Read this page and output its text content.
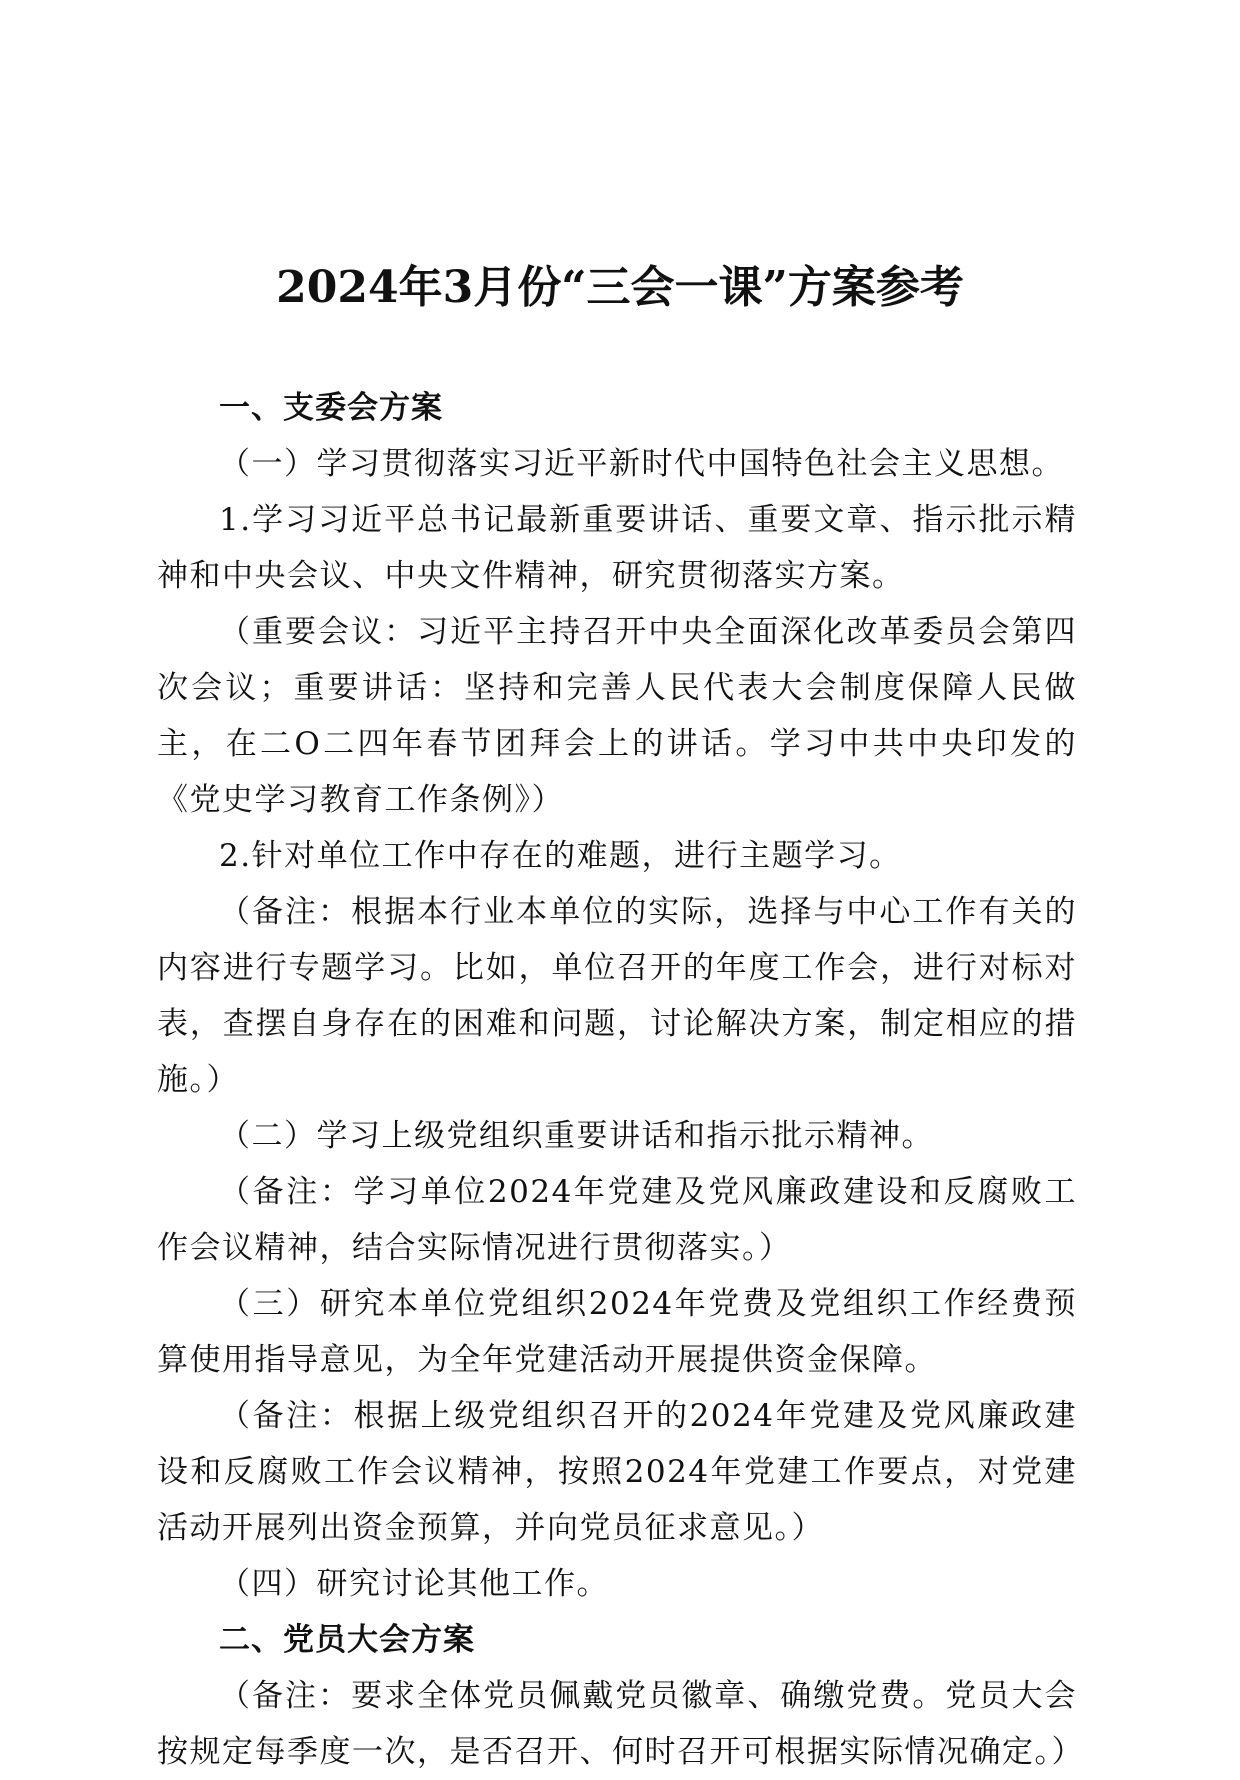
2024年3月份“三会一课”方案参考

一、支委会方案

（一）学习贯彻落实习近平新时代中国特色社会主义思想。

1.学习习近平总书记最新重要讲话、重要文章、指示批示精神和中央会议、中央文件精神，研究贯彻落实方案。

（重要会议：习近平主持召开中央全面深化改革委员会第四次会议；重要讲话：坚持和完善人民代表大会制度保障人民做主，在二O二四年春节团拜会上的讲话。学习中共中央印发的《党史学习教育工作条例》）

2.针对单位工作中存在的难题，进行主题学习。

（备注：根据本行业本单位的实际，选择与中心工作有关的内容进行专题学习。比如，单位召开的年度工作会，进行对标对表，查摆自身存在的困难和问题，讨论解决方案，制定相应的措施。）

（二）学习上级党组织重要讲话和指示批示精神。

（备注：学习单位2024年党建及党风廉政建设和反腐败工作会议精神，结合实际情况进行贯彻落实。）

（三）研究本单位党组织2024年党费及党组织工作经费预算使用指导意见，为全年党建活动开展提供资金保障。

（备注：根据上级党组织召开的2024年党建及党风廉政建设和反腐败工作会议精神，按照2024年党建工作要点，对党建活动开展列出资金预算，并向党员征求意见。）

（四）研究讨论其他工作。

二、党员大会方案

（备注：要求全体党员佩戴党员徽章、确缴党费。党员大会按规定每季度一次，是否召开、何时召开可根据实际情况确定。）
